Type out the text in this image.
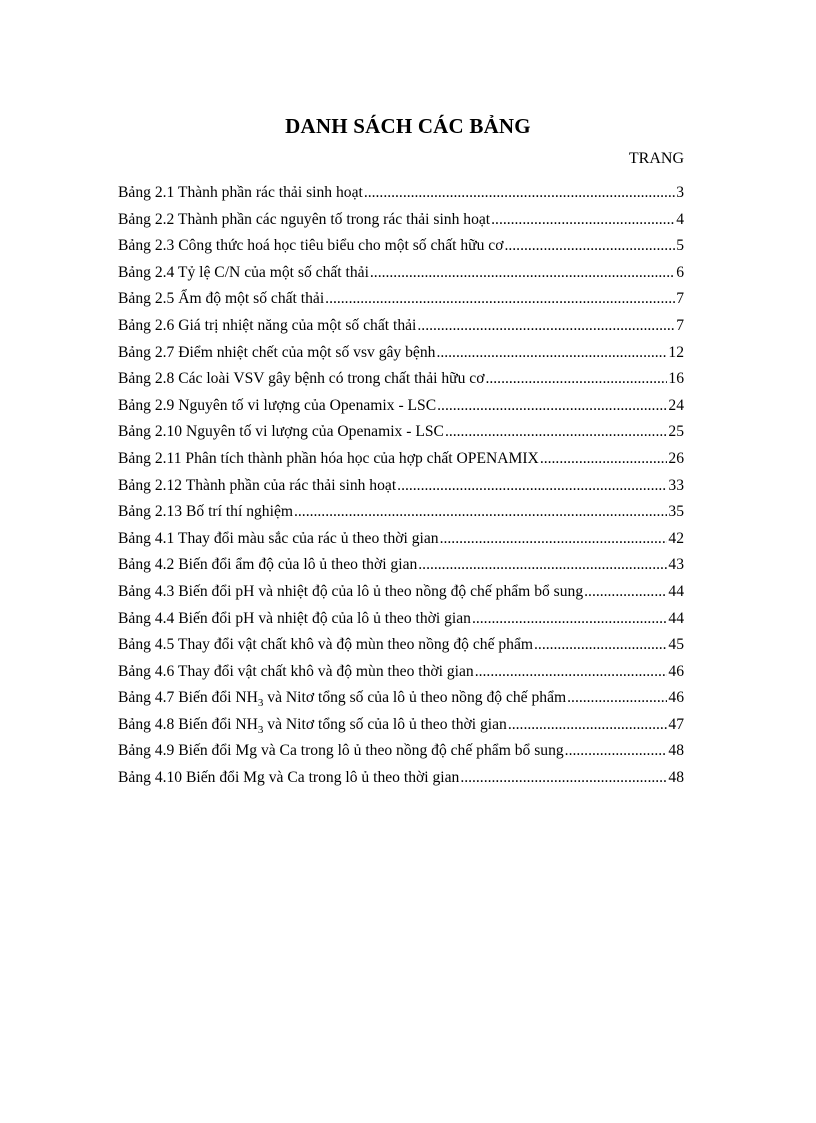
DANH SÁCH CÁC BẢNG
TRANG
Bảng 2.1 Thành phần rác thải sinh hoạt .....	3
Bảng 2.2 Thành phần các nguyên tố trong rác thải sinh hoạt .....	4
Bảng 2.3 Công thức hoá học tiêu biểu cho một số chất hữu cơ .....	5
Bảng 2.4 Tỷ lệ C/N của một số chất thải .....	6
Bảng 2.5 Ẩm độ một số chất thải .....	7
Bảng 2.6 Giá trị nhiệt năng của một số chất thải .....	7
Bảng 2.7 Điểm nhiệt chết của một số vsv gây bệnh .....	12
Bảng 2.8 Các loài VSV gây bệnh có trong chất thải hữu cơ .....	16
Bảng 2.9 Nguyên tố vi lượng của Openamix - LSC .....	24
Bảng 2.10 Nguyên tố vi lượng của Openamix - LSC .....	25
Bảng 2.11 Phân tích thành phần hóa học của hợp chất OPENAMIX .....	26
Bảng 2.12 Thành phần của rác thải sinh hoạt .....	33
Bảng 2.13 Bố trí thí nghiệm .....	35
Bảng 4.1 Thay đổi màu sắc của rác ủ theo thời gian .....	42
Bảng 4.2 Biến đổi ẩm độ của lô ủ theo thời gian .....	43
Bảng 4.3 Biến đổi pH và nhiệt độ của lô ủ theo nồng độ chế phẩm bổ sung .....	44
Bảng 4.4 Biến đổi pH và nhiệt độ của lô ủ theo thời gian .....	44
Bảng 4.5 Thay đổi vật chất khô và độ mùn theo nồng độ chế phẩm .....	45
Bảng 4.6 Thay đổi vật chất khô và độ mùn theo thời gian .....	46
Bảng 4.7 Biến đổi $NH_3$ và Nitơ tổng số của lô ủ theo nồng độ chế phẩm .....	46
Bảng 4.8 Biến đổi $NH_3$ và Nitơ tổng số của lô ủ theo thời gian .....	47
Bảng 4.9 Biến đổi Mg và Ca trong lô ủ theo nồng độ chế phẩm bổ sung .....	48
Bảng 4.10 Biến đổi Mg và Ca trong lô ủ theo thời gian .....	48
